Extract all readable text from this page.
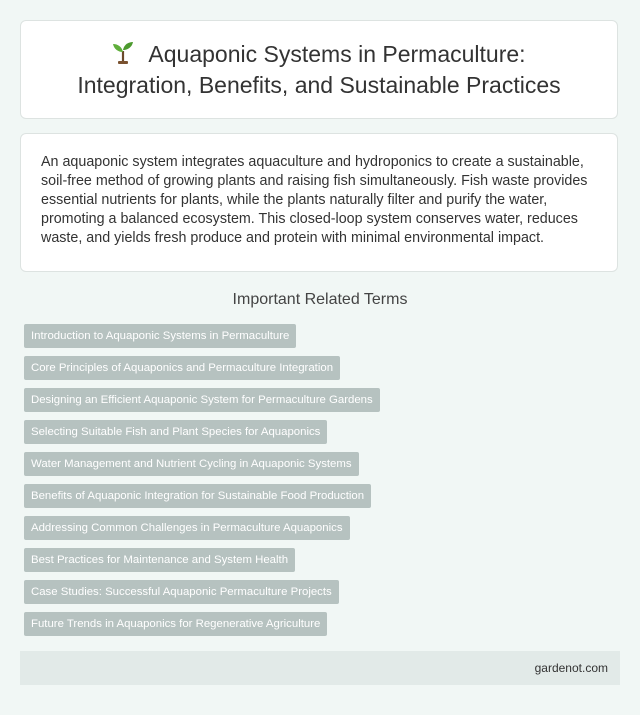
Aquaponic Systems in Permaculture:
Integration, Benefits, and Sustainable Practices

An aquaponic system integrates aquaculture and hydroponics to create a sustainable, soil-free method of growing plants and raising fish simultaneously. Fish waste provides essential nutrients for plants, while the plants naturally filter and purify the water, promoting a balanced ecosystem. This closed-loop system conserves water, reduces waste, and yields fresh produce and protein with minimal environmental impact.

Important Related Terms
Introduction to Aquaponic Systems in Permaculture
Core Principles of Aquaponics and Permaculture Integration
Designing an Efficient Aquaponic System for Permaculture Gardens
Selecting Suitable Fish and Plant Species for Aquaponics
Water Management and Nutrient Cycling in Aquaponic Systems
Benefits of Aquaponic Integration for Sustainable Food Production
Addressing Common Challenges in Permaculture Aquaponics
Best Practices for Maintenance and System Health
Case Studies: Successful Aquaponic Permaculture Projects
Future Trends in Aquaponics for Regenerative Agriculture
gardenot.com
